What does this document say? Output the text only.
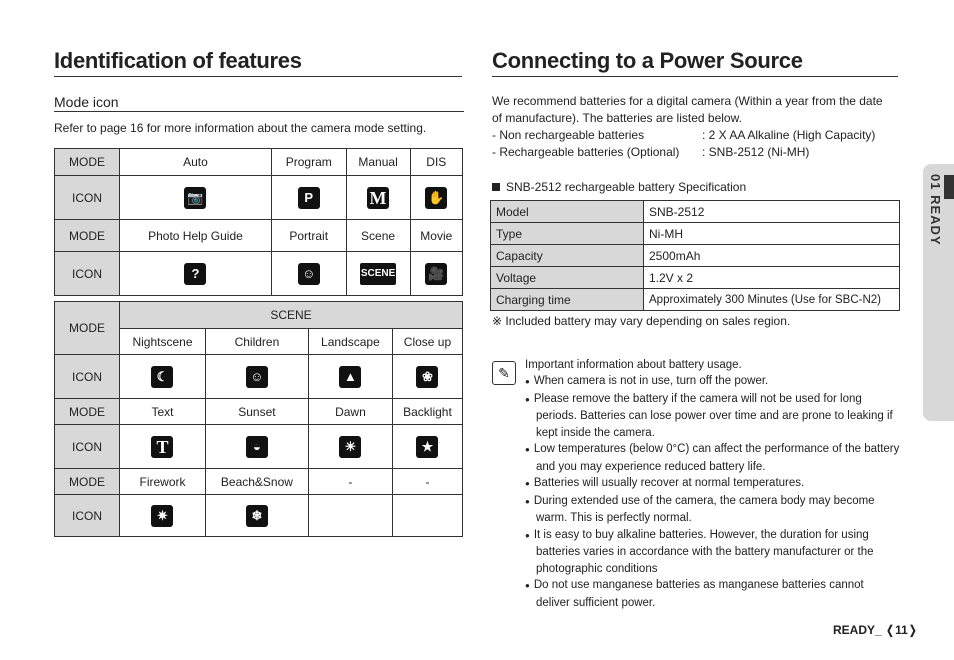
Identification of features	Connecting to a Power Source
Mode icon
Refer to page 16 for more information about the camera mode setting.
MODE	Auto	Program	Manual	DIS
ICON	📷	P	M	✋
MODE	Photo Help Guide	Portrait	Scene	Movie
ICON	?	☺	SCENE	🎥
MODE	SCENE			
	Nightscene	Children	Landscape	Close up
ICON	☾	☺	▲	❀
MODE	Text	Sunset	Dawn	Backlight
ICON	T	◒	☀	★
MODE	Firework	Beach&Snow	-	-
ICON	✷	❄		
We recommend batteries for a digital camera (Within a year from the date of manufacture). The batteries are listed below.
- Non rechargeable batteries	: 2 X AA Alkaline (High Capacity)
- Rechargeable batteries (Optional)	: SNB-2512 (Ni-MH)
SNB-2512 rechargeable battery Specification
Model	SNB-2512
Type	Ni-MH
Capacity	2500mAh
Voltage	1.2V x 2
Charging time	Approximately 300 Minutes (Use for SBC-N2)
※ Included battery may vary depending on sales region.
✎	Important information about battery usage.
● When camera is not in use, turn off the power.
● Please remove the battery if the camera will not be used for long periods. Batteries can lose power over time and are prone to leaking if kept inside the camera.
● Low temperatures (below 0°C) can affect the performance of the battery and you may experience reduced battery life.
● Batteries will usually recover at normal temperatures.
● During extended use of the camera, the camera body may become warm. This is perfectly normal.
● It is easy to buy alkaline batteries. However, the duration for using batteries varies in accordance with the battery manufacturer or the photographic conditions
● Do not use manganese batteries as manganese batteries cannot deliver sufficient power.
01 READY
READY_ ❬11❭
